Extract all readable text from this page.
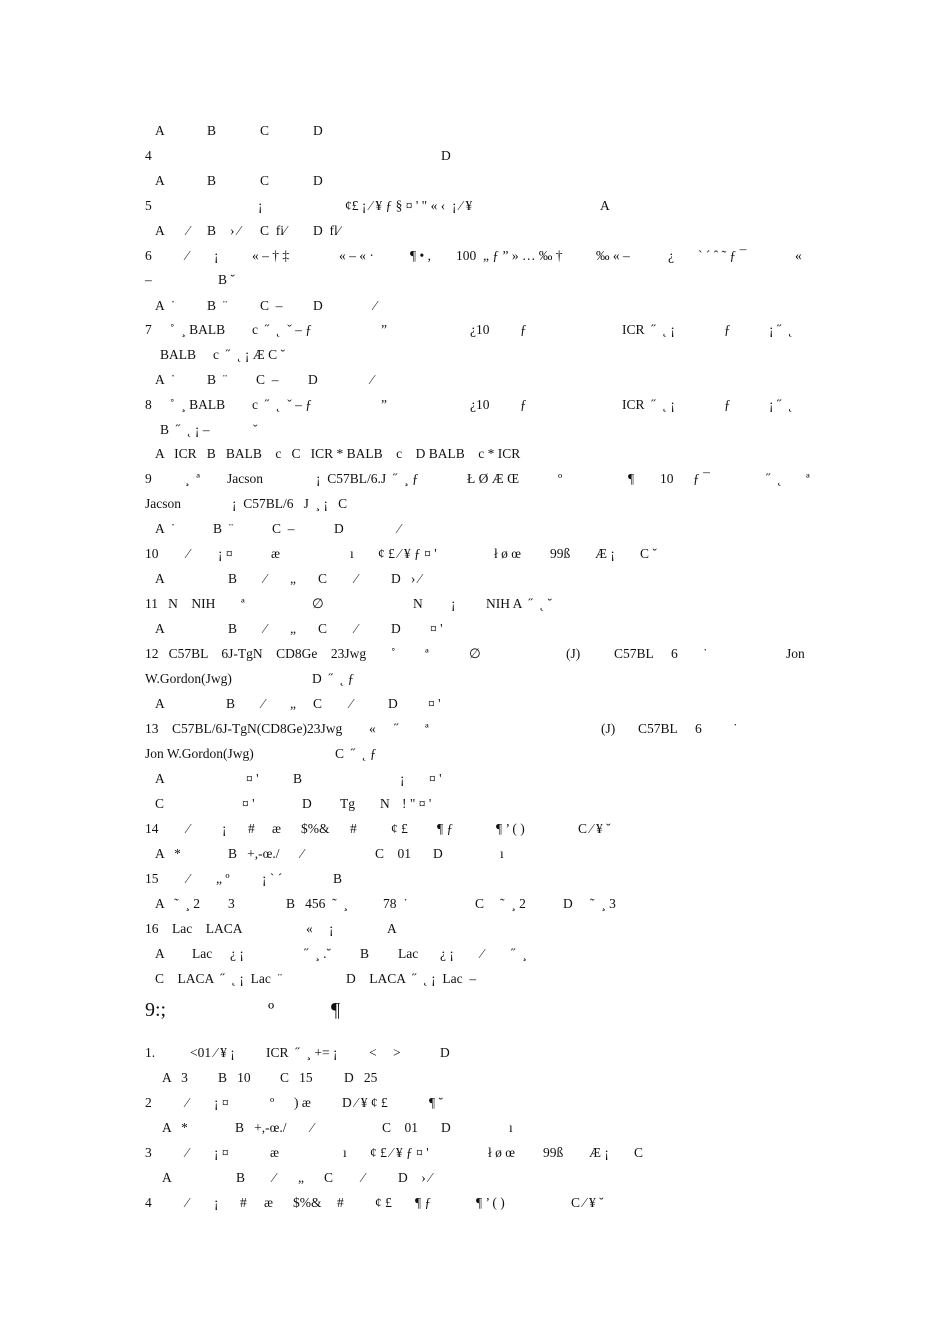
A	B	C	D
4	D
A	B	C	D
5	¡	¢£ ¡ ⁄ ¥ ƒ § ¤ ' " « ‹  ¡ ⁄ ¥	A
A ⁄ B › ⁄ C  fi⁄ D  fl⁄
6	⁄ ¡ « – † ‡	« – « ·	¶ • , 100  „ ƒ ” » … ‰ † ‰ « –	¿ ` ´ ˆ ˜ ƒ ¯	«
–	B ˘
A  ˙ B  ¨ C  – D	⁄
7 ˚  ¸ BALB c  ˝  ˛  ˇ – ƒ	”	¿10 ƒ	ICR  ˝  ˛ ¡	ƒ	¡ ˝  ˛
BALB c  ˝  ˛ ¡ Æ C ˘
A  ˙ B  ¨ C  – D	⁄
8 ˚  ¸ BALB c  ˝  ˛  ˇ – ƒ	”	¿10 ƒ	ICR  ˝  ˛ ¡	ƒ	¡ ˝  ˛
B  ˝  ˛ ¡ –	ˇ
A   ICR   B   BALB    c   C   ICR * BALB    c    D BALB    c * ICR
9 ¸  ª Jacson	¡  C57BL/6.J  ˝  ¸ ƒ	Ł Ø Æ Œ	º	¶ 10 ƒ ¯	˝  ˛ ª
Jacson	¡  C57BL/6   J  ¸ ¡   C
A  ˙	B  ¨	C  –	D	⁄
10 ⁄ ¡ ¤	æ	ı ¢ £ ⁄ ¥ ƒ ¤ '	ł ø œ 99ß Æ ¡ C ˘
A	B ⁄ „ C ⁄ D   › ⁄
11   N    NIH ª	∅	N ¡ NIH A  ˝  ˛ ˘
A	B ⁄ „ C ⁄ D ¤ '
12   C57BL    6J-TgN    CD8Ge    23Jwg ˚ ª	∅	(J)	C57BL 6 ˙	Jon
W.Gordon(Jwg)	D  ˝  ˛ ƒ
A	B ⁄ „ C ⁄	D ¤ '
13    C57BL/6J-TgN(CD8Ge)23Jwg « ˝ ª	(J) C57BL 6 ˙
Jon W.Gordon(Jwg)	C  ˝  ˛ ƒ
A	¤ '	B	¡ ¤ '
C	¤ '	D Tg N ! " ¤ '
14 ⁄ ¡ # æ $%& #	¢ £ ¶ ƒ	¶ ’ ( )	C ⁄ ¥ ˘
A   *	B   +,-œ./ ⁄	C    01 D	ı
15 ⁄ „ º ¡ ` ´	B
A   ˜  ¸ 2 3	B   456  ˜  ¸	78  ˙	C ˜  ¸ 2	D ˜  ¸ 3
16    Lac    LACA	« ¡	A
A Lac ¿ ¡	˝  ¸ .˘ B Lac ¿ ¡ ⁄ ˝  ¸
C    LACA  ˝  ˛ ¡  Lac  ¨	D    LACA  ˝  ˛ ¡  Lac  –
9:;	º	¶
1.	<01 ⁄ ¥ ¡ ICR  ˝  ¸ += ¡ < >	D
A   3 B   10 C   15 D   25
2	⁄ ¡ ¤	º ) æ D ⁄ ¥ ¢ £	¶ ˘
A   *	B   +,-œ./ ⁄	C    01 D	ı
3	⁄ ¡ ¤	æ	ı ¢ £ ⁄ ¥ ƒ ¤ '	ł ø œ 99ß Æ ¡ C
A	B ⁄ „ C ⁄ D    › ⁄
4	⁄ ¡ # æ $%& # ¢ £ ¶ ƒ	¶ ’ ( )	C ⁄ ¥ ˘
